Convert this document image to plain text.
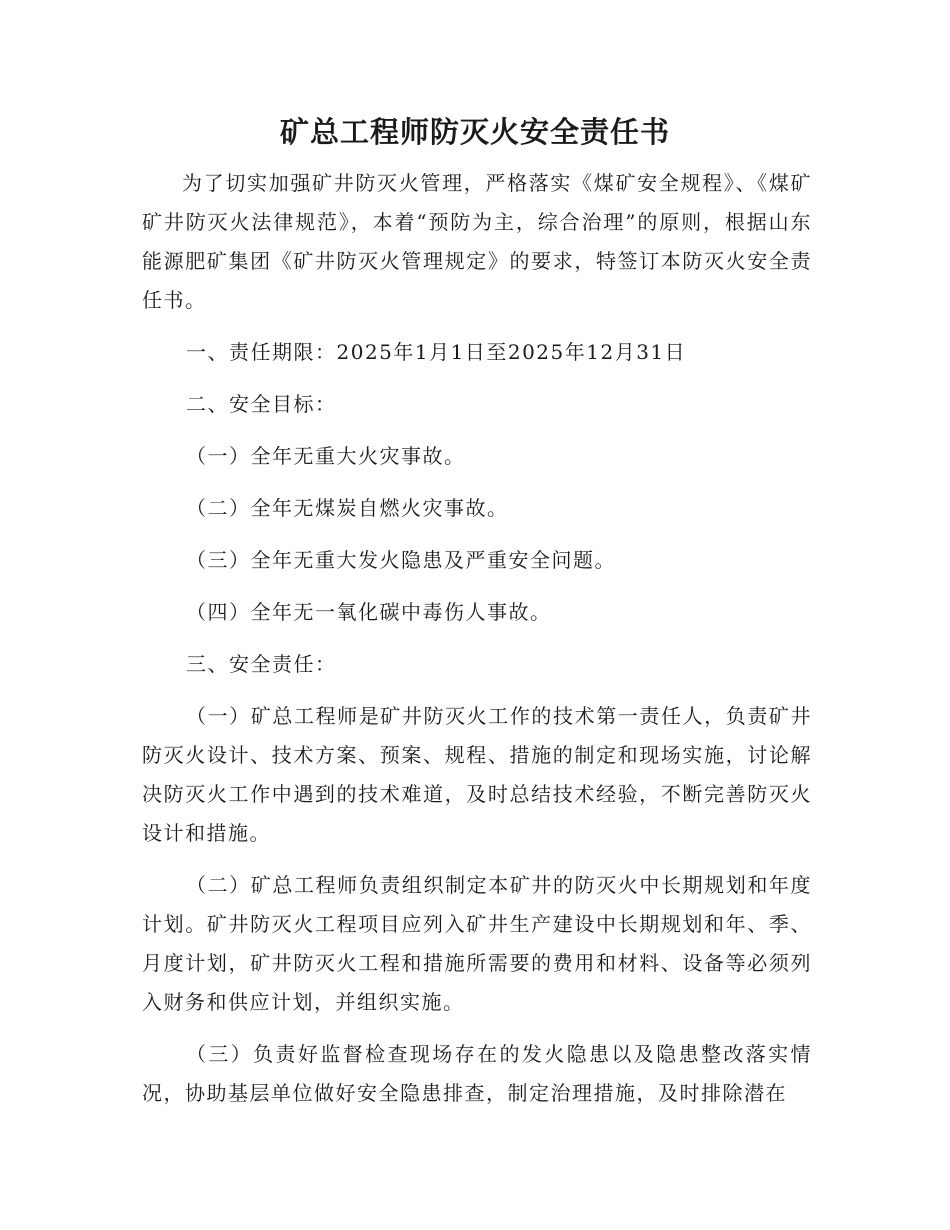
矿总工程师防灭火安全责任书

为了切实加强矿井防灭火管理，严格落实《煤矿安全规程》、《煤矿矿井防灭火法律规范》，本着“预防为主，综合治理”的原则，根据山东能源肥矿集团《矿井防灭火管理规定》的要求，特签订本防灭火安全责任书。

一、责任期限：2025年1月1日至2025年12月31日

二、安全目标：

（一）全年无重大火灾事故。

（二）全年无煤炭自燃火灾事故。

（三）全年无重大发火隐患及严重安全问题。

（四）全年无一氧化碳中毒伤人事故。

三、安全责任：

（一）矿总工程师是矿井防灭火工作的技术第一责任人，负责矿井防灭火设计、技术方案、预案、规程、措施的制定和现场实施，讨论解决防灭火工作中遇到的技术难道，及时总结技术经验，不断完善防灭火设计和措施。

（二）矿总工程师负责组织制定本矿井的防灭火中长期规划和年度计划。矿井防灭火工程项目应列入矿井生产建设中长期规划和年、季、月度计划，矿井防灭火工程和措施所需要的费用和材料、设备等必须列入财务和供应计划，并组织实施。

（三）负责好监督检查现场存在的发火隐患以及隐患整改落实情况，协助基层单位做好安全隐患排查，制定治理措施，及时排除潜在
